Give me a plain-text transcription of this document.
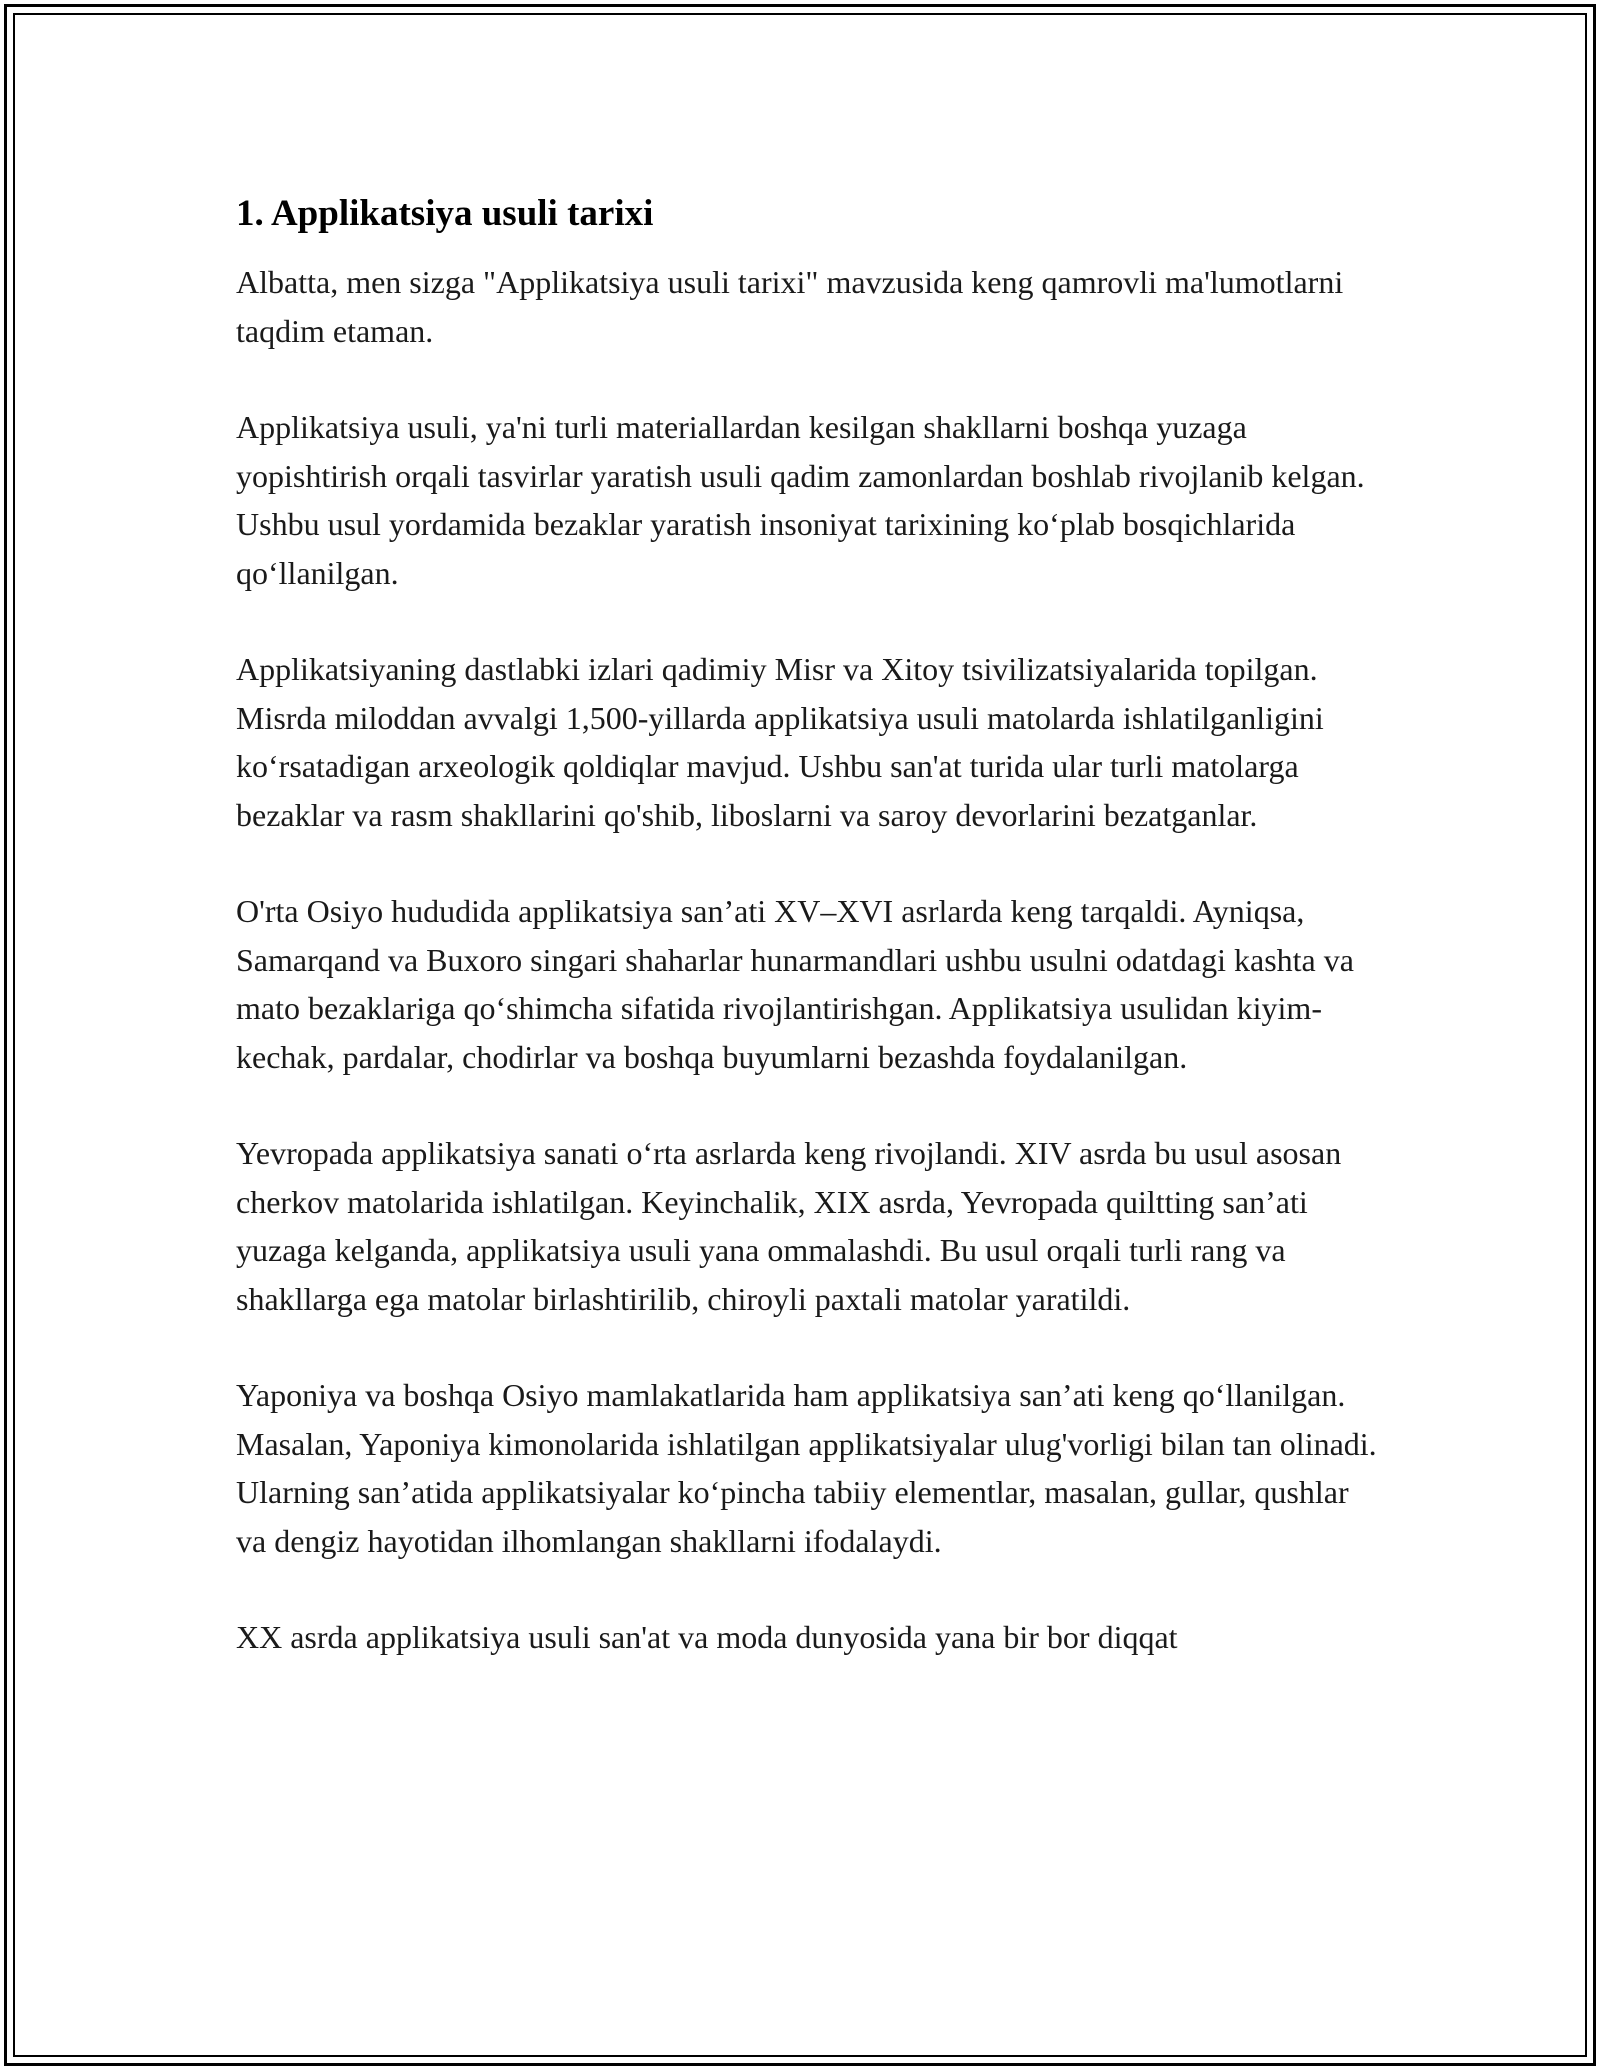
1. Applikatsiya usuli tarixi

Albatta, men sizga "Applikatsiya usuli tarixi" mavzusida keng qamrovli ma'lumotlarni taqdim etaman.

Applikatsiya usuli, ya'ni turli materiallardan kesilgan shakllarni boshqa yuzaga yopishtirish orqali tasvirlar yaratish usuli qadim zamonlardan boshlab rivojlanib kelgan. Ushbu usul yordamida bezaklar yaratish insoniyat tarixining ko‘plab bosqichlarida qo‘llanilgan.

Applikatsiyaning dastlabki izlari qadimiy Misr va Xitoy tsivilizatsiyalarida topilgan. Misrda miloddan avvalgi 1,500-yillarda applikatsiya usuli matolarda ishlatilganligini ko‘rsatadigan arxeologik qoldiqlar mavjud. Ushbu san'at turida ular turli matolarga bezaklar va rasm shakllarini qo'shib, liboslarni va saroy devorlarini bezatganlar.

O'rta Osiyo hududida applikatsiya san’ati XV–XVI asrlarda keng tarqaldi. Ayniqsa, Samarqand va Buxoro singari shaharlar hunarmandlari ushbu usulni odatdagi kashta va mato bezaklariga qo‘shimcha sifatida rivojlantirishgan. Applikatsiya usulidan kiyim-kechak, pardalar, chodirlar va boshqa buyumlarni bezashda foydalanilgan.

Yevropada applikatsiya sanati o‘rta asrlarda keng rivojlandi. XIV asrda bu usul asosan cherkov matolarida ishlatilgan. Keyinchalik, XIX asrda, Yevropada quiltting san’ati yuzaga kelganda, applikatsiya usuli yana ommalashdi. Bu usul orqali turli rang va shakllarga ega matolar birlashtirilib, chiroyli paxtali matolar yaratildi.

Yaponiya va boshqa Osiyo mamlakatlarida ham applikatsiya san’ati keng qo‘llanilgan. Masalan, Yaponiya kimonolarida ishlatilgan applikatsiyalar ulug'vorligi bilan tan olinadi. Ularning san’atida applikatsiyalar ko‘pincha tabiiy elementlar, masalan, gullar, qushlar va dengiz hayotidan ilhomlangan shakllarni ifodalaydi.

XX asrda applikatsiya usuli san'at va moda dunyosida yana bir bor diqqat
